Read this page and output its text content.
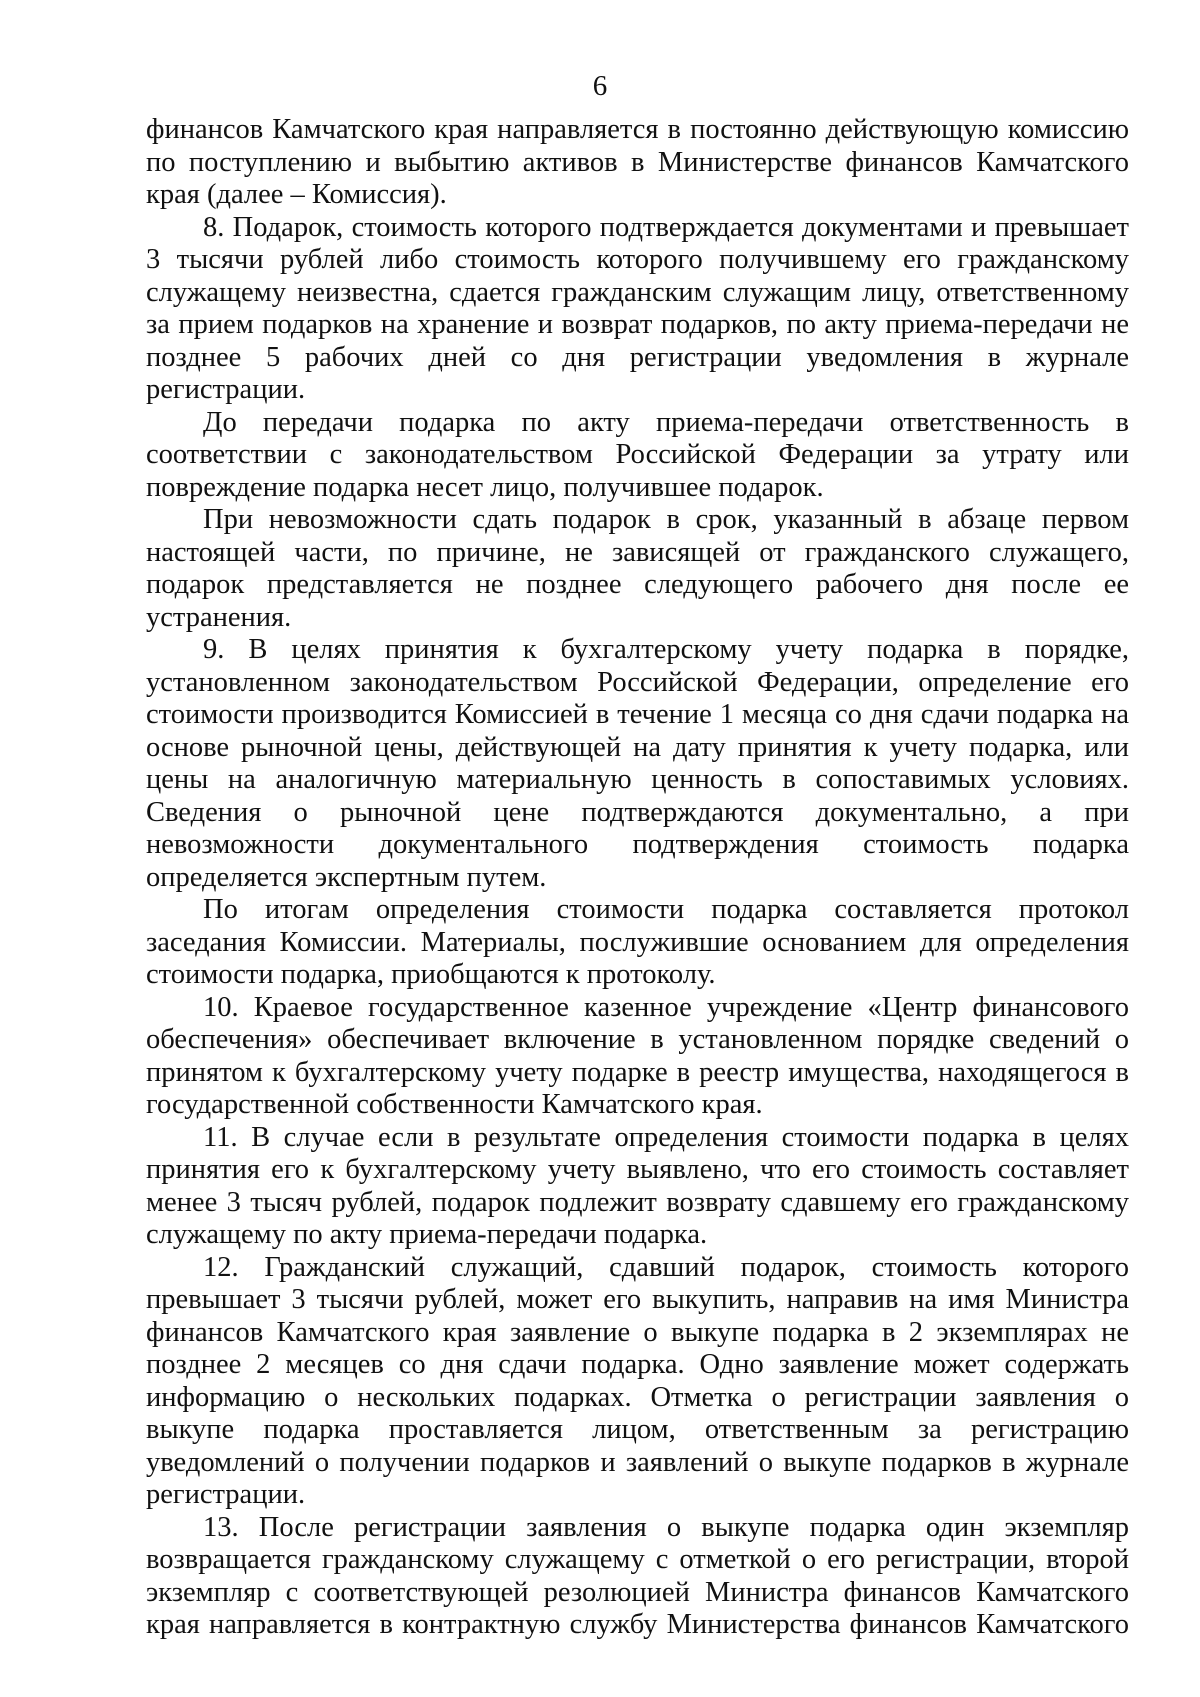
6

финансов Камчатского края направляется в постоянно действующую комиссию по поступлению и выбытию активов в Министерстве финансов Камчатского края (далее – Комиссия).

8. Подарок, стоимость которого подтверждается документами и превышает 3 тысячи рублей либо стоимость которого получившему его гражданскому служащему неизвестна, сдается гражданским служащим лицу, ответственному за прием подарков на хранение и возврат подарков, по акту приема-передачи не позднее 5 рабочих дней со дня регистрации уведомления в журнале регистрации.

До передачи подарка по акту приема-передачи ответственность в соответствии с законодательством Российской Федерации за утрату или повреждение подарка несет лицо, получившее подарок.

При невозможности сдать подарок в срок, указанный в абзаце первом настоящей части, по причине, не зависящей от гражданского служащего, подарок представляется не позднее следующего рабочего дня после ее устранения.

9. В целях принятия к бухгалтерскому учету подарка в порядке, установленном законодательством Российской Федерации, определение его стоимости производится Комиссией в течение 1 месяца со дня сдачи подарка на основе рыночной цены, действующей на дату принятия к учету подарка, или цены на аналогичную материальную ценность в сопоставимых условиях. Сведения о рыночной цене подтверждаются документально, а при невозможности документального подтверждения стоимость подарка определяется экспертным путем.

По итогам определения стоимости подарка составляется протокол заседания Комиссии. Материалы, послужившие основанием для определения стоимости подарка, приобщаются к протоколу.

10. Краевое государственное казенное учреждение «Центр финансового обеспечения» обеспечивает включение в установленном порядке сведений о принятом к бухгалтерскому учету подарке в реестр имущества, находящегося в государственной собственности Камчатского края.

11. В случае если в результате определения стоимости подарка в целях принятия его к бухгалтерскому учету выявлено, что его стоимость составляет менее 3 тысяч рублей, подарок подлежит возврату сдавшему его гражданскому служащему по акту приема-передачи подарка.

12. Гражданский служащий, сдавший подарок, стоимость которого превышает 3 тысячи рублей, может его выкупить, направив на имя Министра финансов Камчатского края заявление о выкупе подарка в 2 экземплярах не позднее 2 месяцев со дня сдачи подарка. Одно заявление может содержать информацию о нескольких подарках. Отметка о регистрации заявления о выкупе подарка проставляется лицом, ответственным за регистрацию уведомлений о получении подарков и заявлений о выкупе подарков в журнале регистрации.

13. После регистрации заявления о выкупе подарка один экземпляр возвращается гражданскому служащему с отметкой о его регистрации, второй экземпляр с соответствующей резолюцией Министра финансов Камчатского края направляется в контрактную службу Министерства финансов Камчатского
